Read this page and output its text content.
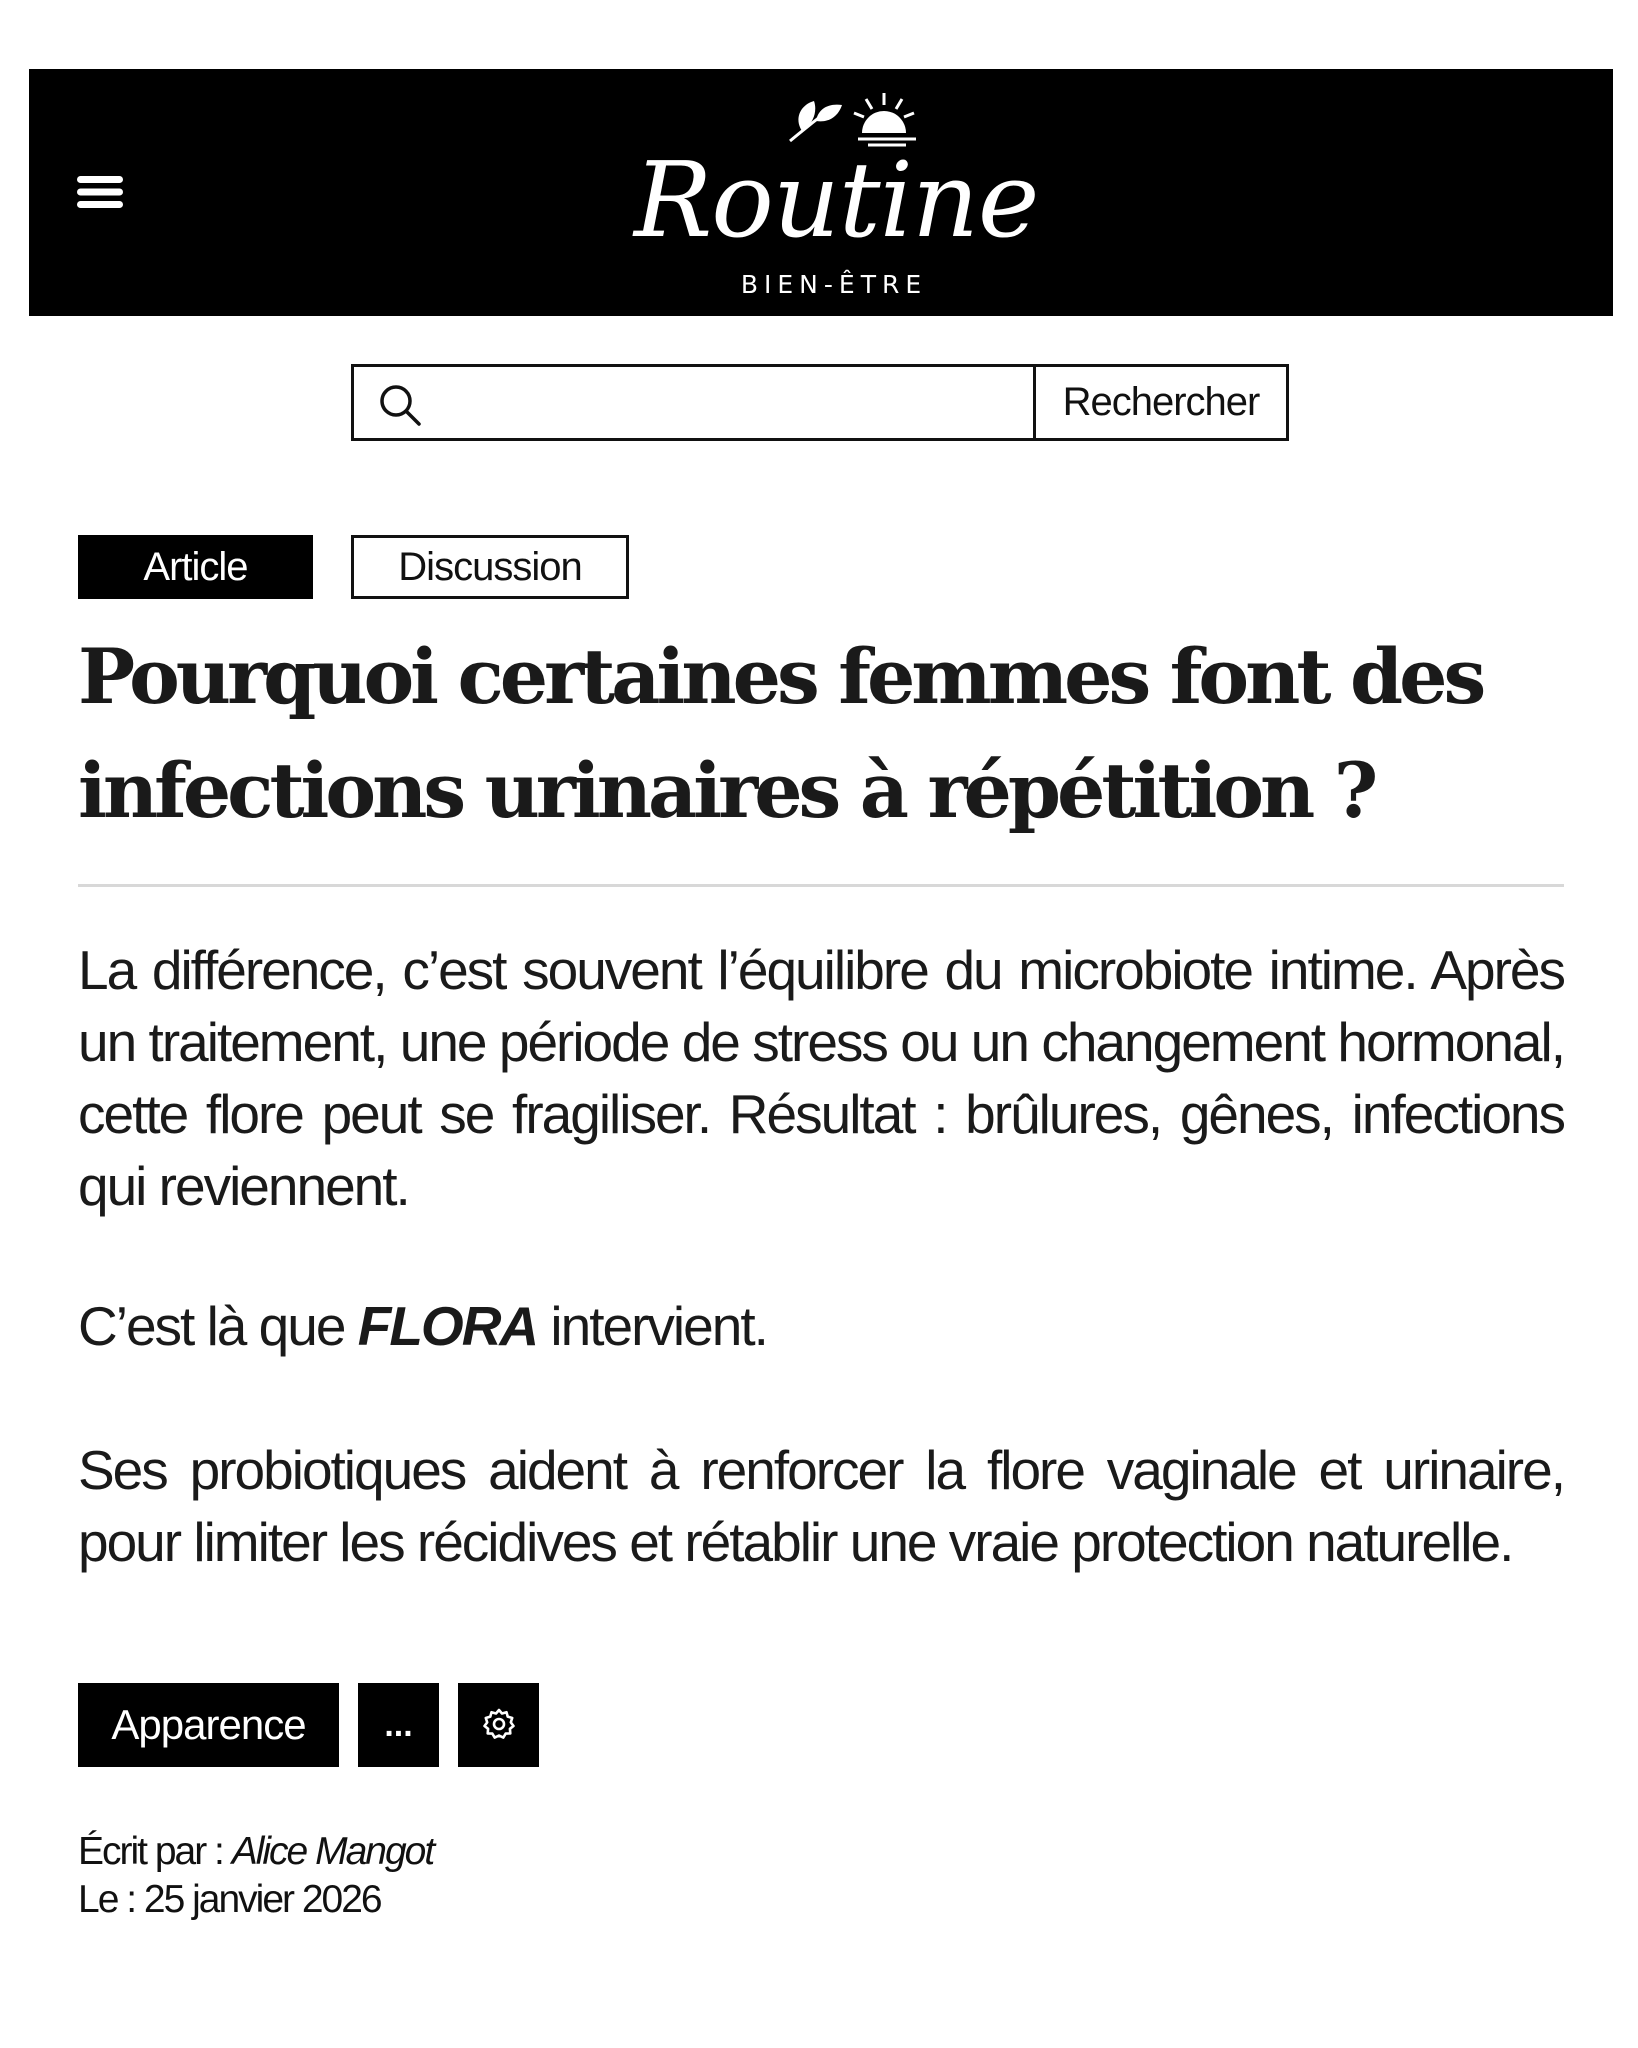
Routine
BIEN-ÊTRE
Rechercher
Article	Discussion
Pourquoi certaines femmes font des infections urinaires à répétition ?

La différence, c’est souvent l’équilibre du microbiote intime. Après un traitement, une période de stress ou un changement hormonal, cette flore peut se fragiliser. Résultat : brûlures, gênes, infections qui reviennent.

C’est là que FLORA intervient.

Ses probiotiques aident à renforcer la flore vaginale et urinaire, pour limiter les récidives et rétablir une vraie protection naturelle.

Apparence	...
Écrit par : Alice Mangot
Le : 25 janvier 2026
